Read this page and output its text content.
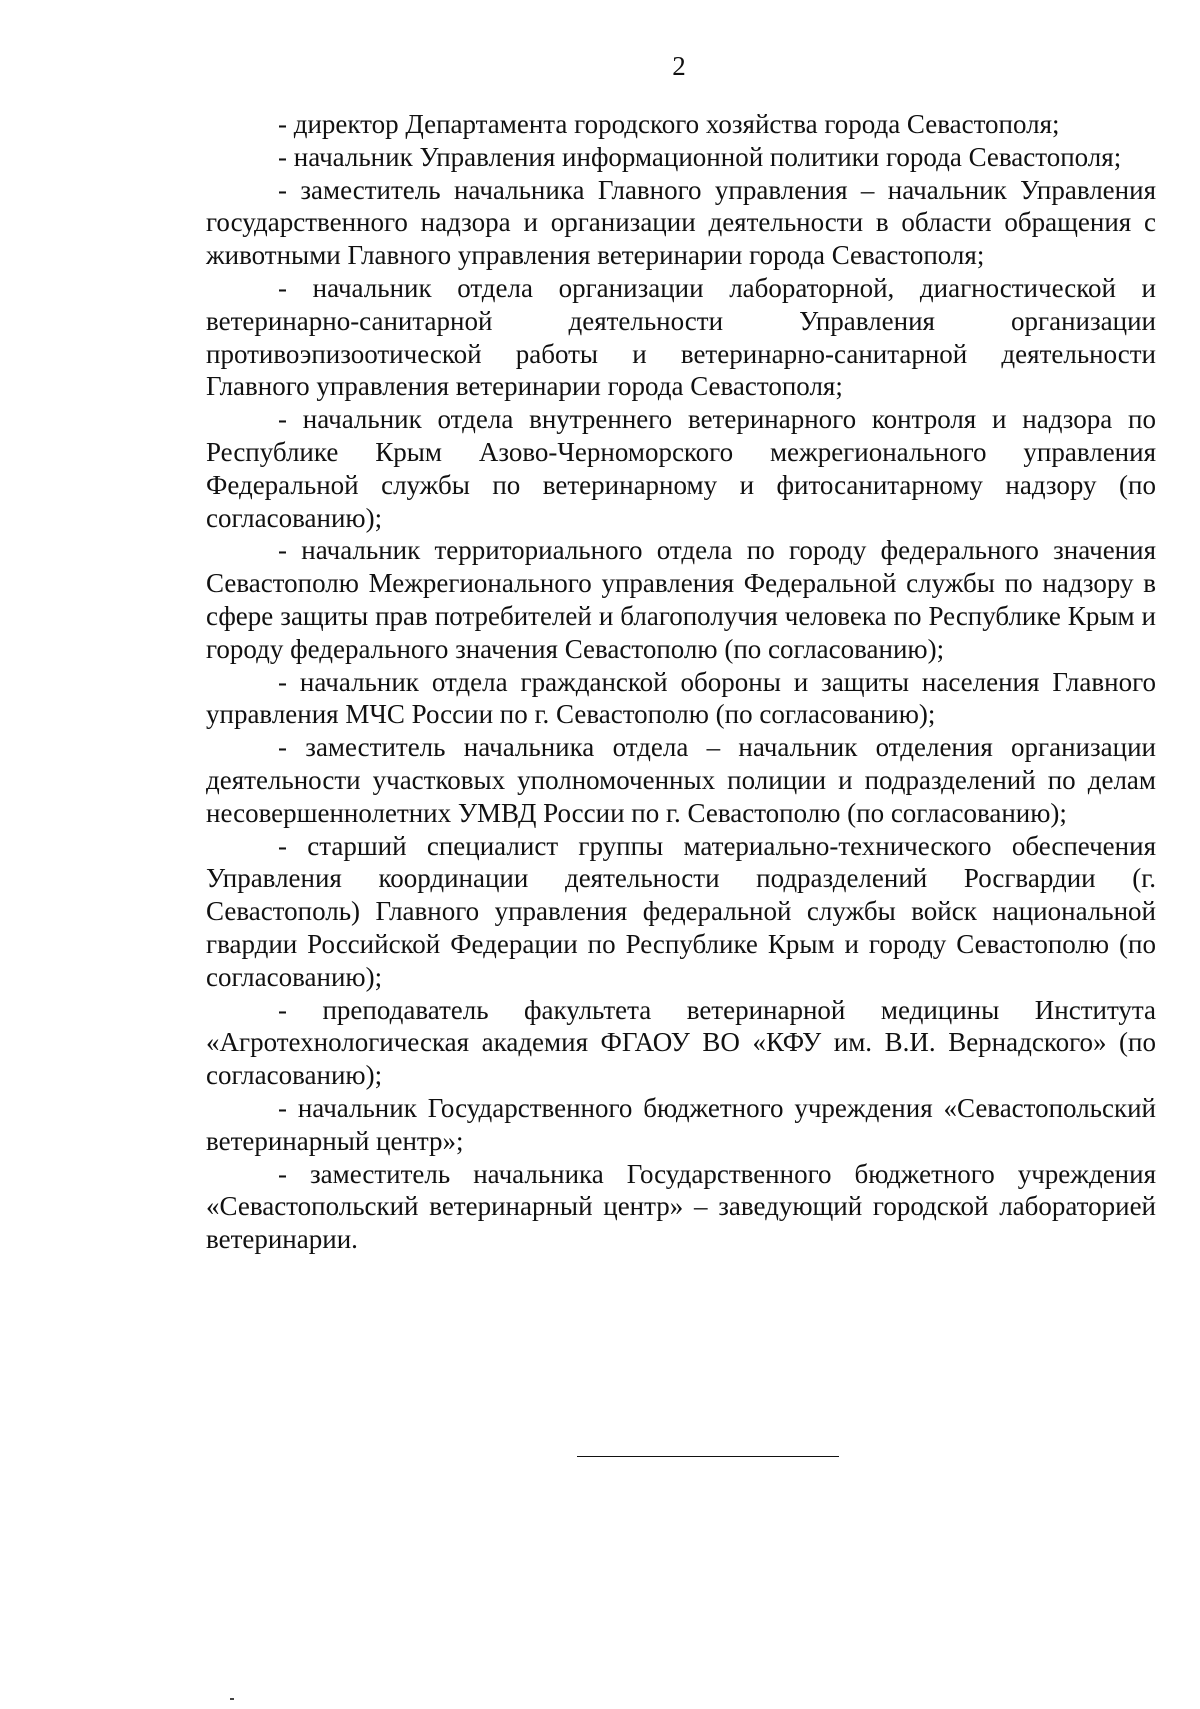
2

- директор Департамента городского хозяйства города Севастополя;

- начальник Управления информационной политики города Севастополя;

- заместитель начальника Главного управления – начальник Управления государственного надзора и организации деятельности в области обращения с животными Главного управления ветеринарии города Севастополя;

- начальник отдела организации лабораторной, диагностической и ветеринарно-санитарной деятельности Управления организации противоэпизоотической работы и ветеринарно-санитарной деятельности Главного управления ветеринарии города Севастополя;

- начальник отдела внутреннего ветеринарного контроля и надзора по Республике Крым Азово-Черноморского межрегионального управления Федеральной службы по ветеринарному и фитосанитарному надзору (по согласованию);

- начальник территориального отдела по городу федерального значения Севастополю Межрегионального управления Федеральной службы по надзору в сфере защиты прав потребителей и благополучия человека по Республике Крым и городу федерального значения Севастополю (по согласованию);

- начальник отдела гражданской обороны и защиты населения Главного управления МЧС России по г. Севастополю (по согласованию);

- заместитель начальника отдела – начальник отделения организации деятельности участковых уполномоченных полиции и подразделений по делам несовершеннолетних УМВД России по г. Севастополю (по согласованию);

- старший специалист группы материально-технического обеспечения Управления координации деятельности подразделений Росгвардии (г. Севастополь) Главного управления федеральной службы войск национальной гвардии Российской Федерации по Республике Крым и городу Севастополю (по согласованию);

- преподаватель факультета ветеринарной медицины Института «Агротехнологическая академия ФГАОУ ВО «КФУ им. В.И. Вернадского» (по согласованию);

- начальник Государственного бюджетного учреждения «Севастопольский ветеринарный центр»;

- заместитель начальника Государственного бюджетного учреждения «Севастопольский ветеринарный центр» – заведующий городской лабораторией ветеринарии.
